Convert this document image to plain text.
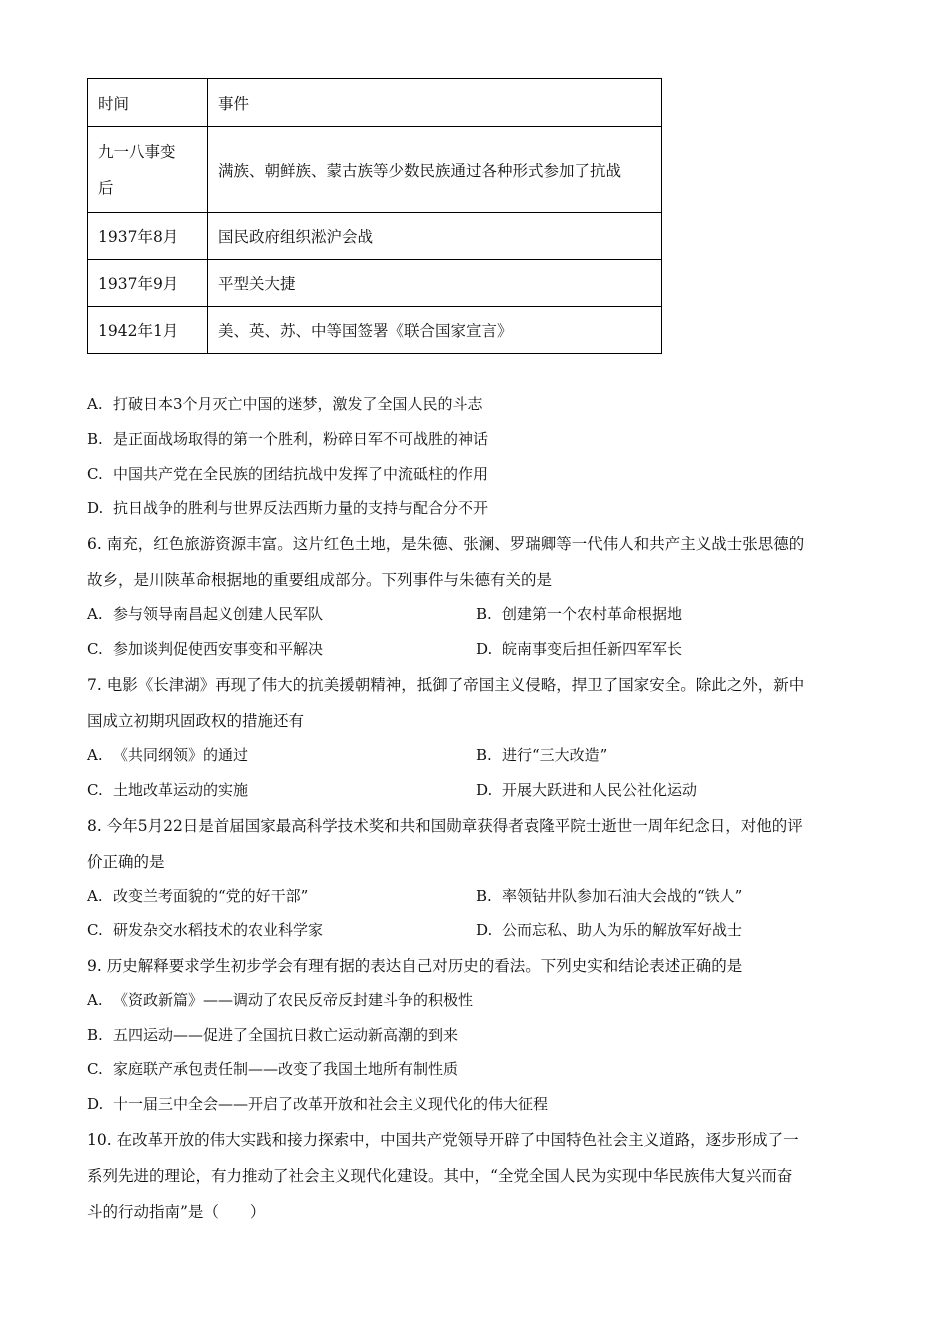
时间	事件
九一八事变
后	满族、朝鲜族、蒙古族等少数民族通过各种形式参加了抗战
1937年8月	国民政府组织淞沪会战
1937年9月	平型关大捷
1942年1月	美、英、苏、中等国签署《联合国家宣言》
A. 打破日本3个月灭亡中国的迷梦，激发了全国人民的斗志
B. 是正面战场取得的第一个胜利，粉碎日军不可战胜的神话
C. 中国共产党在全民族的团结抗战中发挥了中流砥柱的作用
D. 抗日战争的胜利与世界反法西斯力量的支持与配合分不开
6. 南充，红色旅游资源丰富。这片红色土地，是朱德、张澜、罗瑞卿等一代伟人和共产主义战士张思德的
故乡，是川陕革命根据地的重要组成部分。下列事件与朱德有关的是
A. 参与领导南昌起义创建人民军队	B. 创建第一个农村革命根据地
C. 参加谈判促使西安事变和平解决	D. 皖南事变后担任新四军军长
7. 电影《长津湖》再现了伟大的抗美援朝精神，抵御了帝国主义侵略，捍卫了国家安全。除此之外，新中
国成立初期巩固政权的措施还有
A. 《共同纲领》的通过	B. 进行“三大改造”
C. 土地改革运动的实施	D. 开展大跃进和人民公社化运动
8. 今年5月22日是首届国家最高科学技术奖和共和国勋章获得者袁隆平院士逝世一周年纪念日，对他的评
价正确的是
A. 改变兰考面貌的“党的好干部”	B. 率领钻井队参加石油大会战的“铁人”
C. 研发杂交水稻技术的农业科学家	D. 公而忘私、助人为乐的解放军好战士
9. 历史解释要求学生初步学会有理有据的表达自己对历史的看法。下列史实和结论表述正确的是
A. 《资政新篇》——调动了农民反帝反封建斗争的积极性
B. 五四运动——促进了全国抗日救亡运动新高潮的到来
C. 家庭联产承包责任制——改变了我国土地所有制性质
D. 十一届三中全会——开启了改革开放和社会主义现代化的伟大征程
10. 在改革开放的伟大实践和接力探索中，中国共产党领导开辟了中国特色社会主义道路，逐步形成了一
系列先进的理论，有力推动了社会主义现代化建设。其中，“全党全国人民为实现中华民族伟大复兴而奋
斗的行动指南”是（　　）
